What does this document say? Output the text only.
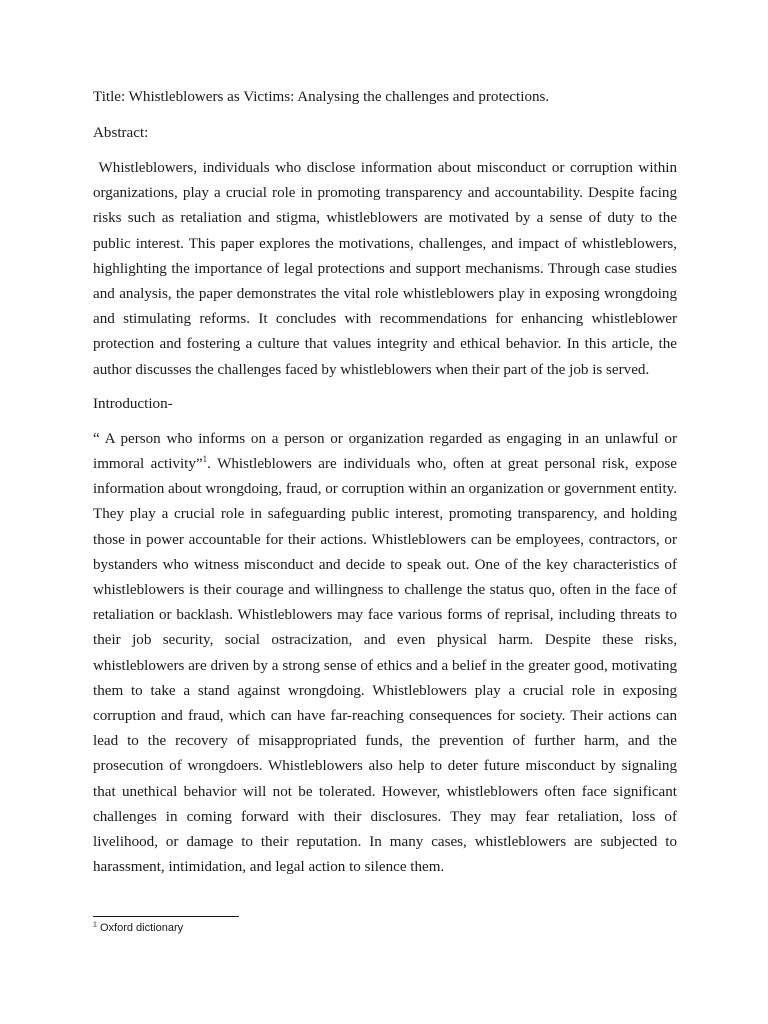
Title: Whistleblowers as Victims: Analysing the challenges and protections.

Abstract:

Whistleblowers, individuals who disclose information about misconduct or corruption within organizations, play a crucial role in promoting transparency and accountability. Despite facing risks such as retaliation and stigma, whistleblowers are motivated by a sense of duty to the public interest. This paper explores the motivations, challenges, and impact of whistleblowers, highlighting the importance of legal protections and support mechanisms. Through case studies and analysis, the paper demonstrates the vital role whistleblowers play in exposing wrongdoing and stimulating reforms. It concludes with recommendations for enhancing whistleblower protection and fostering a culture that values integrity and ethical behavior. In this article, the author discusses the challenges faced by whistleblowers when their part of the job is served.

Introduction-

“ A person who informs on a person or organization regarded as engaging in an unlawful or immoral activity”$^1$. Whistleblowers are individuals who, often at great personal risk, expose information about wrongdoing, fraud, or corruption within an organization or government entity. They play a crucial role in safeguarding public interest, promoting transparency, and holding those in power accountable for their actions. Whistleblowers can be employees, contractors, or bystanders who witness misconduct and decide to speak out. One of the key characteristics of whistleblowers is their courage and willingness to challenge the status quo, often in the face of retaliation or backlash. Whistleblowers may face various forms of reprisal, including threats to their job security, social ostracization, and even physical harm. Despite these risks, whistleblowers are driven by a strong sense of ethics and a belief in the greater good, motivating them to take a stand against wrongdoing. Whistleblowers play a crucial role in exposing corruption and fraud, which can have far-reaching consequences for society. Their actions can lead to the recovery of misappropriated funds, the prevention of further harm, and the prosecution of wrongdoers. Whistleblowers also help to deter future misconduct by signaling that unethical behavior will not be tolerated. However, whistleblowers often face significant challenges in coming forward with their disclosures. They may fear retaliation, loss of livelihood, or damage to their reputation. In many cases, whistleblowers are subjected to harassment, intimidation, and legal action to silence them.

$^1$ Oxford dictionary
